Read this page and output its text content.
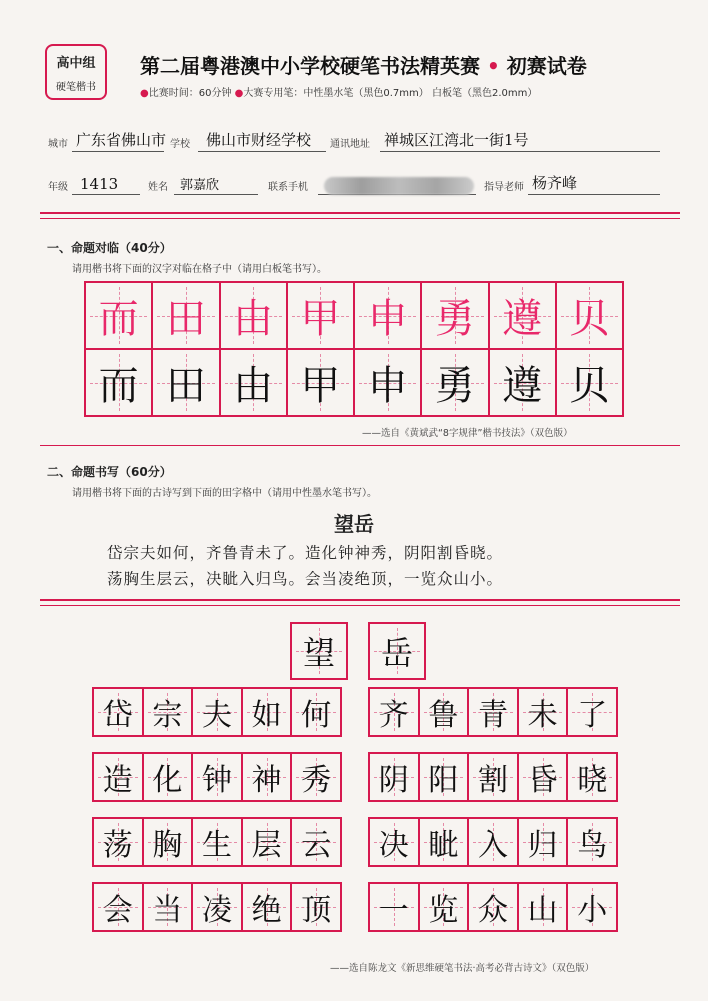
高中组
硬笔楷书
第二届粤港澳中小学校硬笔书法精英赛 • 初赛试卷
●比赛时间：60分钟 ●大赛专用笔：中性墨水笔（黑色0.7mm） 白板笔（黑色2.0mm）
城市 广东省佛山市 学校 佛山市财经学校 通讯地址 禅城区江湾北一街1号
年级 1413	姓名 郭嘉欣	联系手机	指导老师 杨齐峰
一、命题对临（40分）
请用楷书将下面的汉字对临在格子中（请用白板笔书写）。
而 田 由 甲 申 勇 遵 贝
而 田 由 甲 申 勇 遵 贝
——选自《黄斌武“8字规律”楷书技法》（双色版）
二、命题书写（60分）
请用楷书将下面的古诗写到下面的田字格中（请用中性墨水笔书写）。
望岳
岱宗夫如何，齐鲁青未了。造化钟神秀，阴阳割昏晓。
荡胸生层云，决眦入归鸟。会当凌绝顶，一览众山小。
望 岳
岱 宗 夫 如 何 齐 鲁 青 未 了
造 化 钟 神 秀 阴 阳 割 昏 晓
荡 胸 生 层 云 决 眦 入 归 鸟
会 当 凌 绝 顶 一 览 众 山 小
——选自陈龙文《新思维硬笔书法·高考必背古诗文》（双色版）
